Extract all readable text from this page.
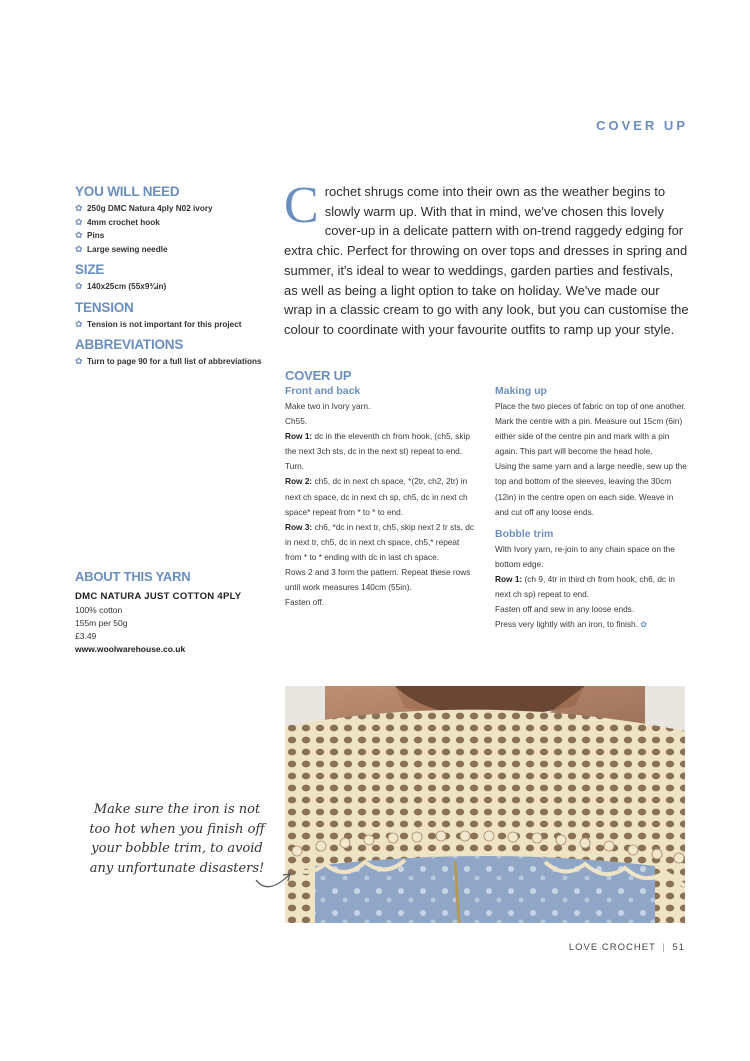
COVER UP
YOU WILL NEED
✿ 250g DMC Natura 4ply N02 ivory
✿ 4mm crochet hook
✿ Pins
✿ Large sewing needle
SIZE
✿ 140x25cm (55x9¾in)
TENSION
✿ Tension is not important for this project
ABBREVIATIONS
✿ Turn to page 90 for a full list of abbreviations
Crochet shrugs come into their own as the weather begins to slowly warm up. With that in mind, we've chosen this lovely cover-up in a delicate pattern with on-trend raggedy edging for extra chic. Perfect for throwing on over tops and dresses in spring and summer, it's ideal to wear to weddings, garden parties and festivals, as well as being a light option to take on holiday. We've made our wrap in a classic cream to go with any look, but you can customise the colour to coordinate with your favourite outfits to ramp up your style.
COVER UP
Front and back

Make two in Ivory yarn.

Ch55.

Row 1: dc in the eleventh ch from hook, (ch5, skip the next 3ch sts, dc in the next st) repeat to end. Turn.

Row 2: ch5, dc in next ch space, *(2tr, ch2, 2tr) in next ch space, dc in next ch sp, ch5, dc in next ch space* repeat from * to * to end.

Row 3: ch6, *dc in next tr, ch5, skip next 2 tr sts, dc in next tr, ch5, dc in next ch space, ch5,* repeat from * to * ending with dc in last ch space.

Rows 2 and 3 form the pattern. Repeat these rows until work measures 140cm (55in).

Fasten off.

Making up

Place the two pieces of fabric on top of one another. Mark the centre with a pin. Measure out 15cm (6in) either side of the centre pin and mark with a pin again. This part will become the head hole.

Using the same yarn and a large needle, sew up the top and bottom of the sleeves, leaving the 30cm (12in) in the centre open on each side. Weave in and cut off any loose ends.

Bobble trim

With Ivory yarn, re-join to any chain space on the bottom edge.

Row 1: (ch 9, 4tr in third ch from hook, ch6, dc in next ch sp) repeat to end.

Fasten off and sew in any loose ends.

Press very lightly with an iron, to finish. ✿

ABOUT THIS YARN
DMC NATURA JUST COTTON 4PLY
100% cotton
155m per 50g
£3.49
www.woolwarehouse.co.uk
Make sure the iron is not
too hot when you finish off
your bobble trim, to avoid
any unfortunate disasters!
LOVE CROCHET | 51
